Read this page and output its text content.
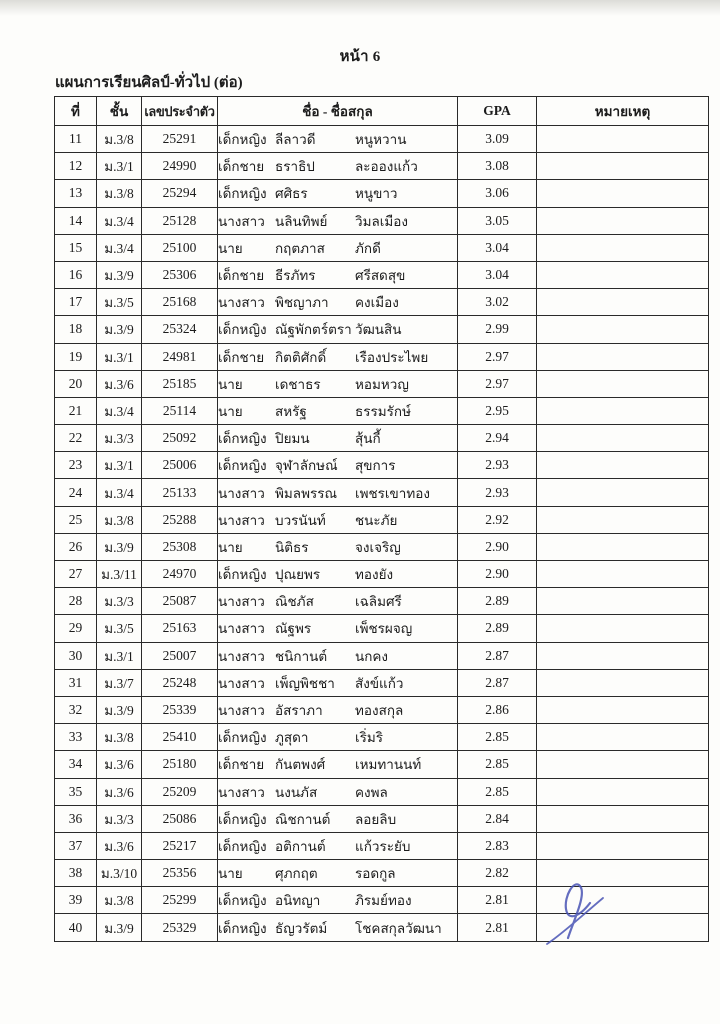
หน้า 6
แผนการเรียนศิลป์-ทั่วไป (ต่อ)
ที่	ชั้น	เลขประจำตัว	ชื่อ - ชื่อสกุล	GPA	หมายเหตุ
11	ม.3/8	25291	เด็กหญิง ลีลาวดี หนูหวาน	3.09	
12	ม.3/1	24990	เด็กชาย ธราธิป ละอองแก้ว	3.08	
13	ม.3/8	25294	เด็กหญิง ศศิธร หนูขาว	3.06	
14	ม.3/4	25128	นางสาว นลินทิพย์ วิมลเมือง	3.05	
15	ม.3/4	25100	นาย กฤตภาส ภักดี	3.04	
16	ม.3/9	25306	เด็กชาย ธีรภัทร ศรีสดสุข	3.04	
17	ม.3/5	25168	นางสาว พิชญาภา คงเมือง	3.02	
18	ม.3/9	25324	เด็กหญิง ณัฐพักตร์ตรา วัฒนสิน	2.99	
19	ม.3/1	24981	เด็กชาย กิตติศักดิ์ เรืองประไพย	2.97	
20	ม.3/6	25185	นาย เดชาธร หอมหวญ	2.97	
21	ม.3/4	25114	นาย สหรัฐ ธรรมรักษ์	2.95	
22	ม.3/3	25092	เด็กหญิง ปิยมน สุ้นกี้	2.94	
23	ม.3/1	25006	เด็กหญิง จุฬาลักษณ์ สุขการ	2.93	
24	ม.3/4	25133	นางสาว พิมลพรรณ เพชรเขาทอง	2.93	
25	ม.3/8	25288	นางสาว บวรนันท์ ชนะภัย	2.92	
26	ม.3/9	25308	นาย นิติธร จงเจริญ	2.90	
27	ม.3/11	24970	เด็กหญิง ปุณยพร ทองยัง	2.90	
28	ม.3/3	25087	นางสาว ณิชภัส เฉลิมศรี	2.89	
29	ม.3/5	25163	นางสาว ณัฐพร เพ็ชรผจญ	2.89	
30	ม.3/1	25007	นางสาว ชนิกานต์ นกคง	2.87	
31	ม.3/7	25248	นางสาว เพ็ญพิชชา สังข์แก้ว	2.87	
32	ม.3/9	25339	นางสาว อัสราภา ทองสกุล	2.86	
33	ม.3/8	25410	เด็กหญิง ภูสุดา เริ่มริ	2.85	
34	ม.3/6	25180	เด็กชาย กันตพงศ์ เหมทานนท์	2.85	
35	ม.3/6	25209	นางสาว นงนภัส คงพล	2.85	
36	ม.3/3	25086	เด็กหญิง ณิชกานต์ ลอยลิบ	2.84	
37	ม.3/6	25217	เด็กหญิง อติกานต์ แก้วระยับ	2.83	
38	ม.3/10	25356	นาย ศุภกฤต รอดกูล	2.82	
39	ม.3/8	25299	เด็กหญิง อนิทญา ภิรมย์ทอง	2.81	
40	ม.3/9	25329	เด็กหญิง ธัญวรัตม์ โชคสกุลวัฒนา	2.81	
